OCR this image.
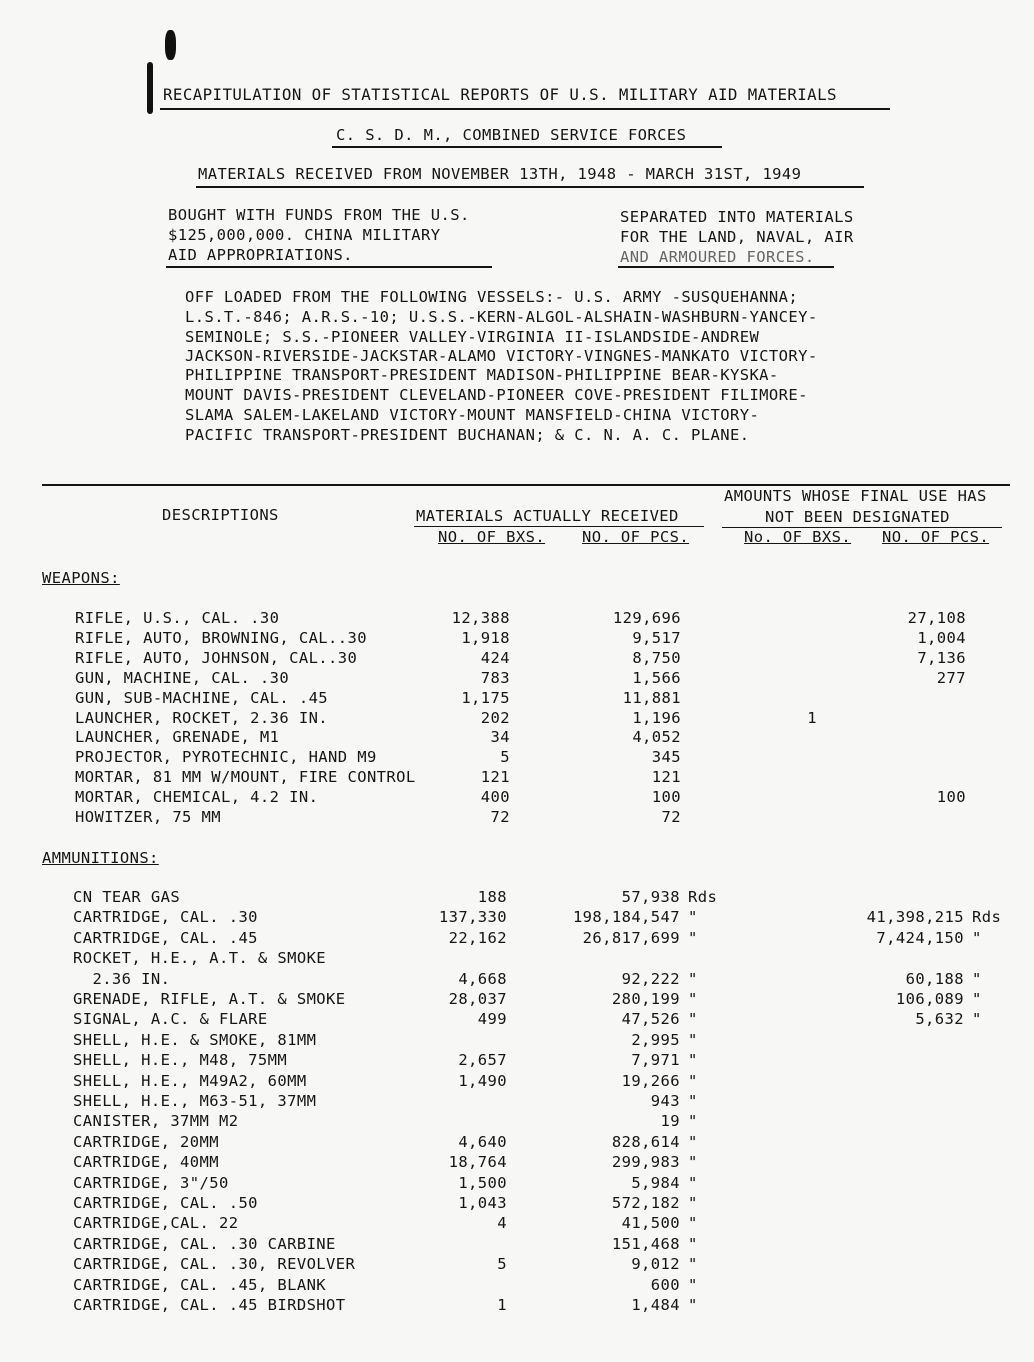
RECAPITULATION OF STATISTICAL REPORTS OF U.S. MILITARY AID MATERIALS
C. S. D. M., COMBINED SERVICE FORCES
MATERIALS RECEIVED FROM NOVEMBER 13TH, 1948 - MARCH 31ST, 1949
BOUGHT WITH FUNDS FROM THE U.S.
$125,000,000. CHINA MILITARY
AID APPROPRIATIONS.
SEPARATED INTO MATERIALS
FOR THE LAND, NAVAL, AIR
AND ARMOURED FORCES.
OFF LOADED FROM THE FOLLOWING VESSELS:- U.S. ARMY -SUSQUEHANNA;
L.S.T.-846; A.R.S.-10; U.S.S.-KERN-ALGOL-ALSHAIN-WASHBURN-YANCEY-
SEMINOLE; S.S.-PIONEER VALLEY-VIRGINIA II-ISLANDSIDE-ANDREW
JACKSON-RIVERSIDE-JACKSTAR-ALAMO VICTORY-VINGNES-MANKATO VICTORY-
PHILIPPINE TRANSPORT-PRESIDENT MADISON-PHILIPPINE BEAR-KYSKA-
MOUNT DAVIS-PRESIDENT CLEVELAND-PIONEER COVE-PRESIDENT FILIMORE-
SLAMA SALEM-LAKELAND VICTORY-MOUNT MANSFIELD-CHINA VICTORY-
PACIFIC TRANSPORT-PRESIDENT BUCHANAN; & C. N. A. C. PLANE.
DESCRIPTIONS	MATERIALS ACTUALLY RECEIVED
AMOUNTS WHOSE FINAL USE HAS
NOT BEEN DESIGNATED
NO. OF BXS. NO. OF PCS.	No. OF BXS. NO. OF PCS.
WEAPONS:
RIFLE, U.S., CAL. .30	12,388	129,696	27,108
RIFLE, AUTO, BROWNING, CAL..30	1,918	9,517	1,004
RIFLE, AUTO, JOHNSON, CAL..30	424	8,750	7,136
GUN, MACHINE, CAL. .30	783	1,566	277
GUN, SUB-MACHINE, CAL. .45	1,175	11,881
LAUNCHER, ROCKET, 2.36 IN.	202	1,196	1
LAUNCHER, GRENADE, M1	34	4,052
PROJECTOR, PYROTECHNIC, HAND M9	5	345
MORTAR, 81 MM W/MOUNT, FIRE CONTROL	121	121
MORTAR, CHEMICAL, 4.2 IN.	400	100	100
HOWITZER, 75 MM	72	72
AMMUNITIONS:
CN TEAR GAS	188	57,938 Rds
CARTRIDGE, CAL. .30	137,330	198,184,547 "	41,398,215 Rds
CARTRIDGE, CAL. .45	22,162	26,817,699 "	7,424,150 "
ROCKET, H.E., A.T. & SMOKE
2.36 IN.	4,668	92,222 "	60,188 "
GRENADE, RIFLE, A.T. & SMOKE	28,037	280,199 "	106,089 "
SIGNAL, A.C. & FLARE	499	47,526 "	5,632 "
SHELL, H.E. & SMOKE, 81MM	2,995 "
SHELL, H.E., M48, 75MM	2,657	7,971 "
SHELL, H.E., M49A2, 60MM	1,490	19,266 "
SHELL, H.E., M63-51, 37MM	943 "
CANISTER, 37MM M2	19 "
CARTRIDGE, 20MM	4,640	828,614 "
CARTRIDGE, 40MM	18,764	299,983 "
CARTRIDGE, 3"/50	1,500	5,984 "
CARTRIDGE, CAL. .50	1,043	572,182 "
CARTRIDGE,CAL. 22	4	41,500 "
CARTRIDGE, CAL. .30 CARBINE	151,468 "
CARTRIDGE, CAL. .30, REVOLVER	5	9,012 "
CARTRIDGE, CAL. .45, BLANK	600 "
CARTRIDGE, CAL. .45 BIRDSHOT	1	1,484 "
